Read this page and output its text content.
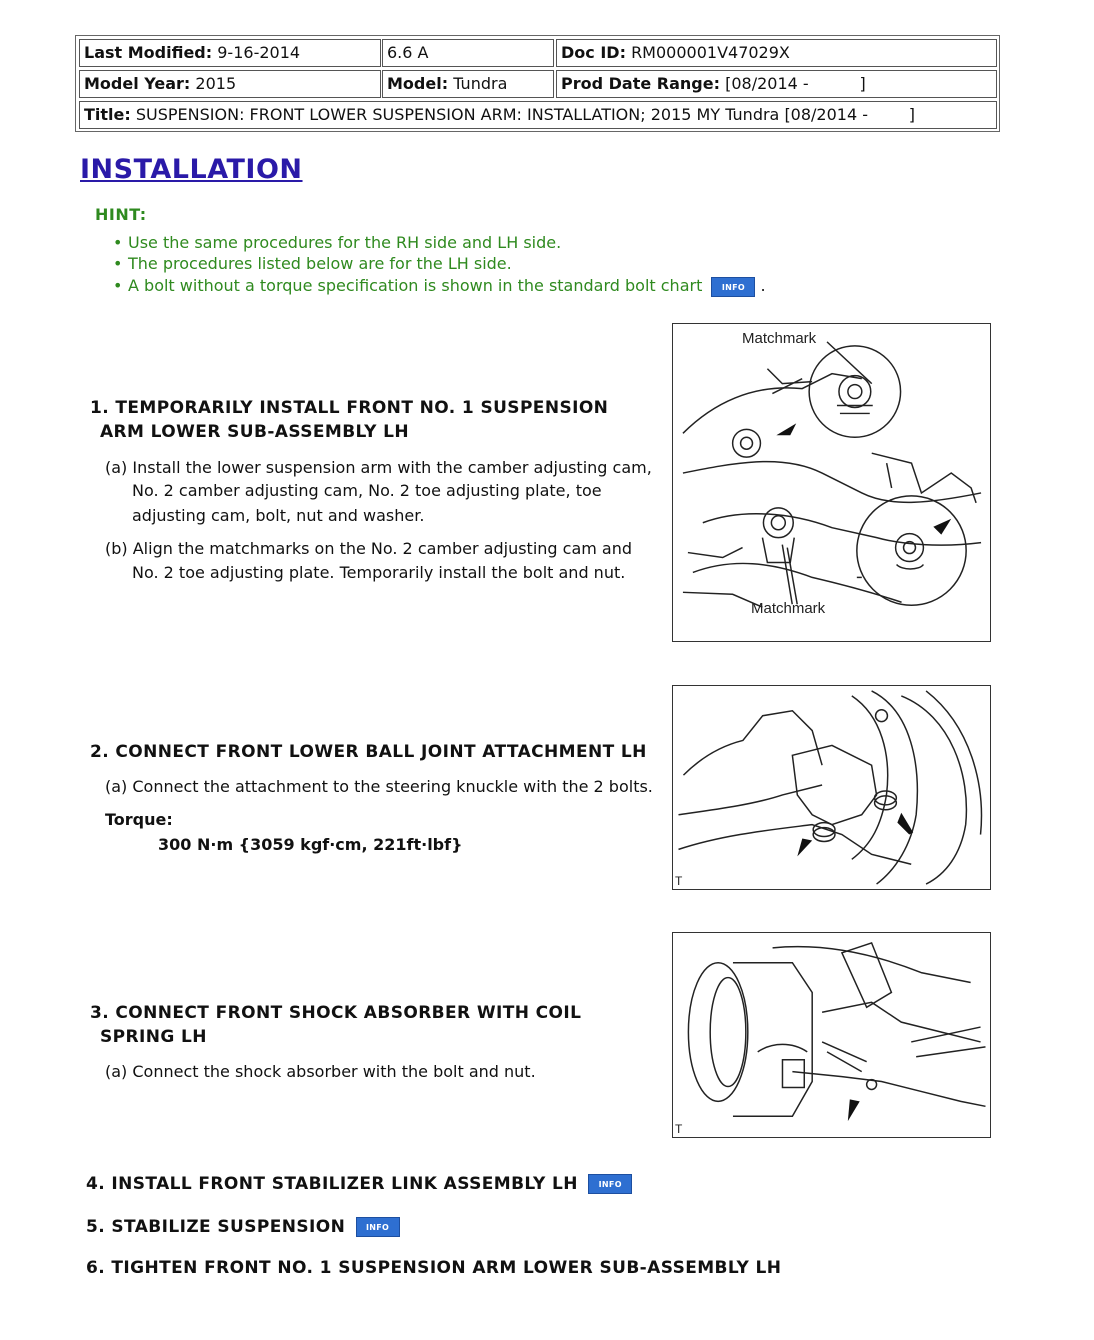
Last Modified: 9-16-2014	6.6 A	Doc ID: RM000001V47029X
Model Year: 2015	Model: Tundra	Prod Date Range: [08/2014 -          ]
Title: SUSPENSION: FRONT LOWER SUSPENSION ARM: INSTALLATION; 2015 MY Tundra [08/2014 -        ]
INSTALLATION
HINT:
• Use the same procedures for the RH side and LH side.
• The procedures listed below are for the LH side.
• A bolt without a torque specification is shown in the standard bolt chart INFO .
1. TEMPORARILY INSTALL FRONT NO. 1 SUSPENSION
ARM LOWER SUB-ASSEMBLY LH
(a) Install the lower suspension arm with the camber adjusting cam,
No. 2 camber adjusting cam, No. 2 toe adjusting plate, toe
adjusting cam, bolt, nut and washer.
(b) Align the matchmarks on the No. 2 camber adjusting cam and
No. 2 toe adjusting plate. Temporarily install the bolt and nut.
Matchmark
Matchmark
2. CONNECT FRONT LOWER BALL JOINT ATTACHMENT LH
(a) Connect the attachment to the steering knuckle with the 2 bolts.
Torque:
300 N·m {3059 kgf·cm, 221ft·lbf}
T
3. CONNECT FRONT SHOCK ABSORBER WITH COIL
SPRING LH
(a) Connect the shock absorber with the bolt and nut.
T
4. INSTALL FRONT STABILIZER LINK ASSEMBLY LH	INFO
5. STABILIZE SUSPENSION	INFO
6. TIGHTEN FRONT NO. 1 SUSPENSION ARM LOWER SUB-ASSEMBLY LH
